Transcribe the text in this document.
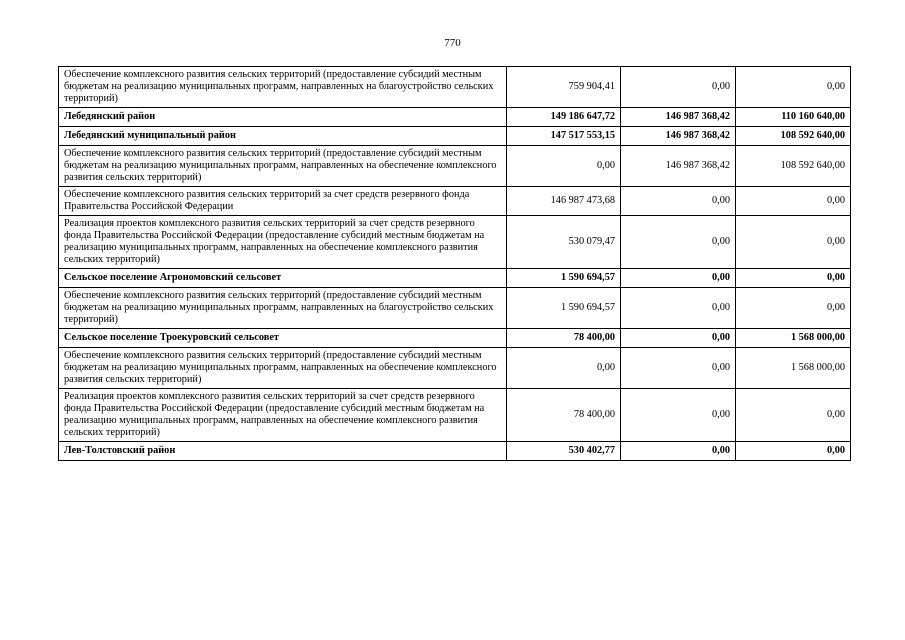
770
Обеспечение комплексного развития сельских территорий (предоставление субсидий местным бюджетам на реализацию муниципальных программ, направленных на благоустройство сельских территорий)	759 904,41	0,00	0,00
Лебедянский район	149 186 647,72	146 987 368,42	110 160 640,00
Лебедянский муниципальный район	147 517 553,15	146 987 368,42	108 592 640,00
Обеспечение комплексного развития сельских территорий (предоставление субсидий местным бюджетам на реализацию муниципальных программ, направленных на обеспечение комплексного развития сельских территорий)	0,00	146 987 368,42	108 592 640,00
Обеспечение комплексного развития сельских территорий за счет средств резервного фонда Правительства Российской Федерации	146 987 473,68	0,00	0,00
Реализация проектов комплексного развития сельских территорий за счет средств резервного фонда Правительства Российской Федерации (предоставление субсидий местным бюджетам на реализацию муниципальных программ, направленных на обеспечение комплексного развития сельских территорий)	530 079,47	0,00	0,00
Сельское поселение Агрономовский сельсовет	1 590 694,57	0,00	0,00
Обеспечение комплексного развития сельских территорий (предоставление субсидий местным бюджетам на реализацию муниципальных программ, направленных на благоустройство сельских территорий)	1 590 694,57	0,00	0,00
Сельское поселение Троекуровский сельсовет	78 400,00	0,00	1 568 000,00
Обеспечение комплексного развития сельских территорий (предоставление субсидий местным бюджетам на реализацию муниципальных программ, направленных на обеспечение комплексного развития сельских территорий)	0,00	0,00	1 568 000,00
Реализация проектов комплексного развития сельских территорий за счет средств резервного фонда Правительства Российской Федерации (предоставление субсидий местным бюджетам на реализацию муниципальных программ, направленных на обеспечение комплексного развития сельских территорий)	78 400,00	0,00	0,00
Лев-Толстовский район	530 402,77	0,00	0,00
